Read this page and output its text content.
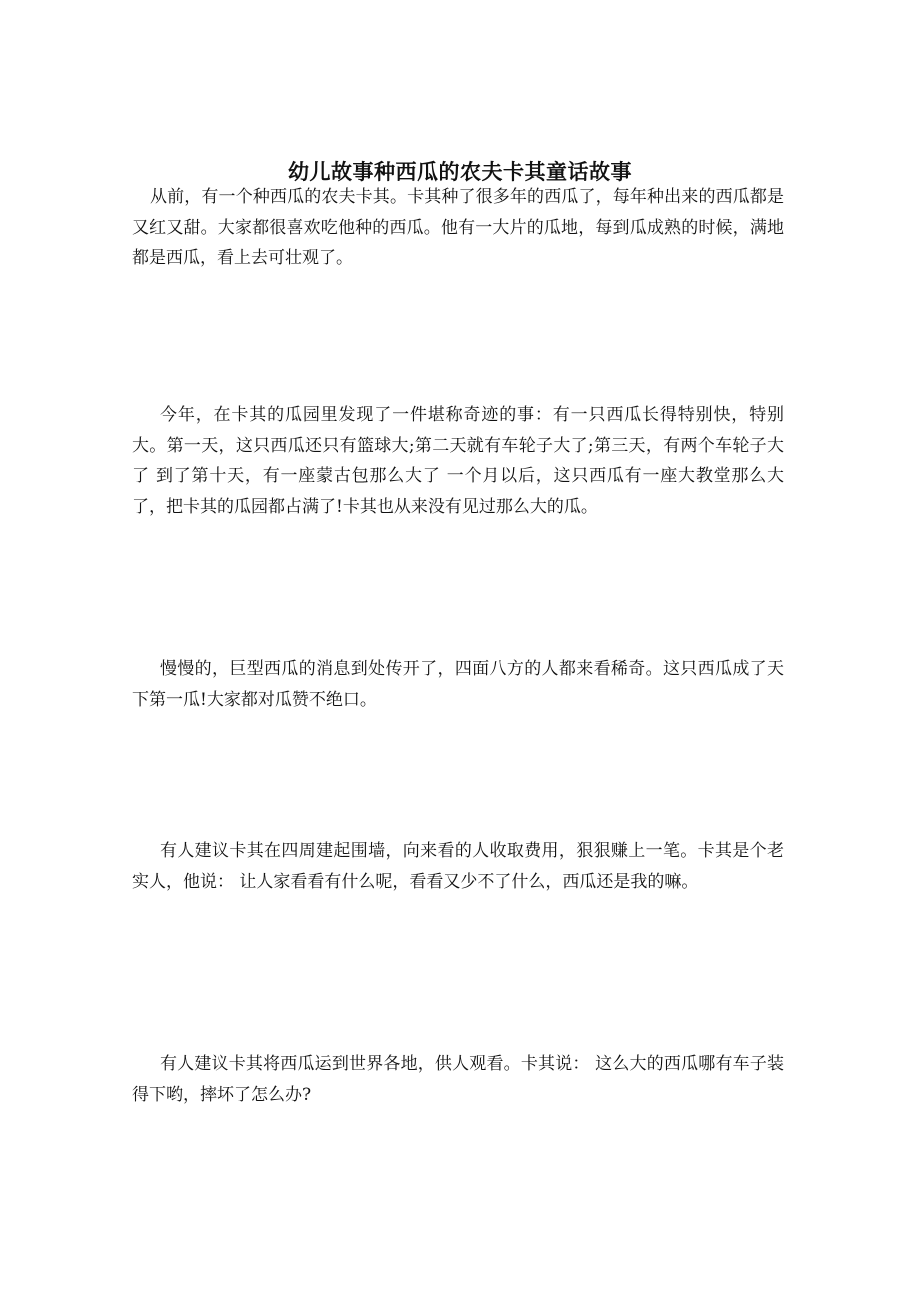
幼儿故事种西瓜的农夫卡其童话故事

从前，有一个种西瓜的农夫卡其。卡其种了很多年的西瓜了，每年种出来的西瓜都是又红又甜。大家都很喜欢吃他种的西瓜。他有一大片的瓜地，每到瓜成熟的时候，满地都是西瓜，看上去可壮观了。

今年，在卡其的瓜园里发现了一件堪称奇迹的事：有一只西瓜长得特别快，特别大。第一天，这只西瓜还只有篮球大;第二天就有车轮子大了;第三天，有两个车轮子大了 到了第十天，有一座蒙古包那么大了 一个月以后，这只西瓜有一座大教堂那么大了，把卡其的瓜园都占满了!卡其也从来没有见过那么大的瓜。

慢慢的，巨型西瓜的消息到处传开了，四面八方的人都来看稀奇。这只西瓜成了天下第一瓜!大家都对瓜赞不绝口。

有人建议卡其在四周建起围墙，向来看的人收取费用，狠狠赚上一笔。卡其是个老实人，他说： 让人家看看有什么呢，看看又少不了什么，西瓜还是我的嘛。

有人建议卡其将西瓜运到世界各地，供人观看。卡其说： 这么大的西瓜哪有车子装得下哟，摔坏了怎么办?
